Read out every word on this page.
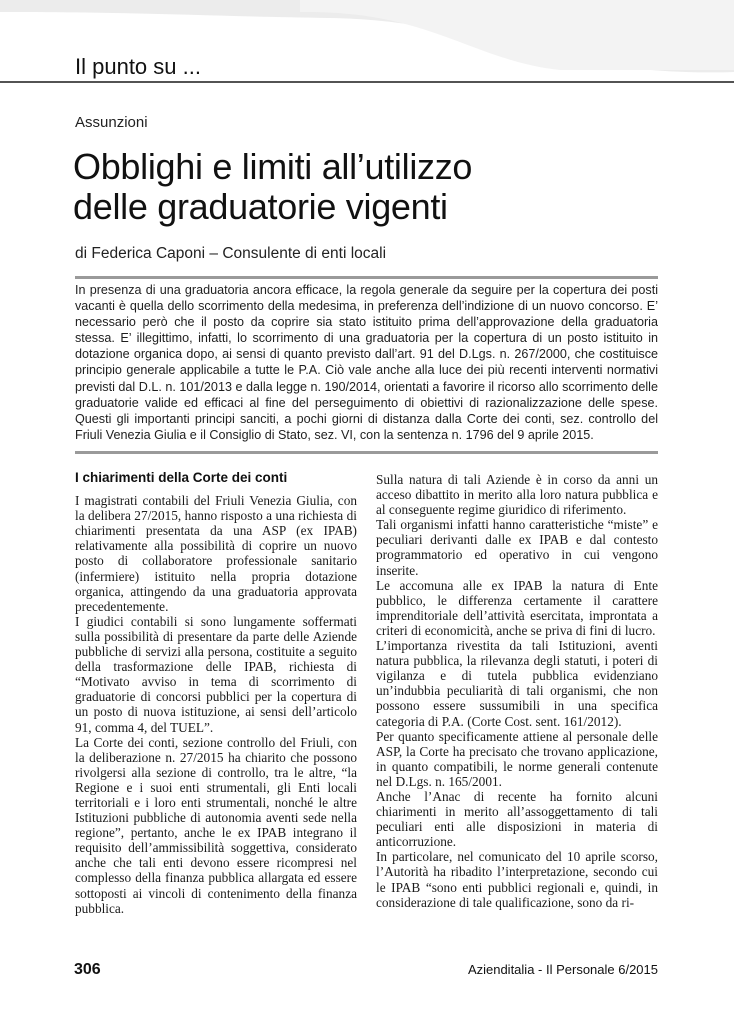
Il punto su ...
Assunzioni
Obblighi e limiti all’utilizzo
delle graduatorie vigenti
di Federica Caponi – Consulente di enti locali
In presenza di una graduatoria ancora efficace, la regola generale da seguire per la copertura dei posti vacanti è quella dello scorrimento della medesima, in preferenza dell’indizione di un nuovo concorso. E’ necessario però che il posto da coprire sia stato istituito prima dell’approvazione della graduatoria stessa. E’ illegittimo, infatti, lo scorrimento di una graduatoria per la copertura di un posto istituito in dotazione organica dopo, ai sensi di quanto previsto dall’art. 91 del D.Lgs. n. 267/2000, che costituisce principio generale applicabile a tutte le P.A. Ciò vale anche alla luce dei più recenti interventi normativi previsti dal D.L. n. 101/2013 e dalla legge n. 190/2014, orientati a favorire il ricorso allo scorrimento delle graduatorie valide ed efficaci al fine del perseguimento di obiettivi di razionalizzazione delle spese. Questi gli importanti principi sanciti, a pochi giorni di distanza dalla Corte dei conti, sez. controllo del Friuli Venezia Giulia e il Consiglio di Stato, sez. VI, con la sentenza n. 1796 del 9 aprile 2015.
I chiarimenti della Corte dei conti

I magistrati contabili del Friuli Venezia Giulia, con la delibera 27/2015, hanno risposto a una richiesta di chiarimenti presentata da una ASP (ex IPAB) relativamente alla possibilità di coprire un nuovo posto di collaboratore professionale sanitario (infermiere) istituito nella propria dotazione organica, attingendo da una graduatoria approvata precedentemente.

I giudici contabili si sono lungamente soffermati sulla possibilità di presentare da parte delle Aziende pubbliche di servizi alla persona, costituite a seguito della trasformazione delle IPAB, richiesta di “Motivato avviso in tema di scorrimento di graduatorie di concorsi pubblici per la copertura di un posto di nuova istituzione, ai sensi dell’articolo 91, comma 4, del TUEL”.

La Corte dei conti, sezione controllo del Friuli, con la deliberazione n. 27/2015 ha chiarito che possono rivolgersi alla sezione di controllo, tra le altre, “la Regione e i suoi enti strumentali, gli Enti locali territoriali e i loro enti strumentali, nonché le altre Istituzioni pubbliche di autonomia aventi sede nella regione”, pertanto, anche le ex IPAB integrano il requisito dell’ammissibilità soggettiva, considerato anche che tali enti devono essere ricompresi nel complesso della finanza pubblica allargata ed essere sottoposti ai vincoli di contenimento della finanza pubblica.

Sulla natura di tali Aziende è in corso da anni un acceso dibattito in merito alla loro natura pubblica e al conseguente regime giuridico di riferimento.

Tali organismi infatti hanno caratteristiche “miste” e peculiari derivanti dalle ex IPAB e dal contesto programmatorio ed operativo in cui vengono inserite.

Le accomuna alle ex IPAB la natura di Ente pubblico, le differenza certamente il carattere imprenditoriale dell’attività esercitata, improntata a criteri di economicità, anche se priva di fini di lucro.

L’importanza rivestita da tali Istituzioni, aventi natura pubblica, la rilevanza degli statuti, i poteri di vigilanza e di tutela pubblica evidenziano un’indubbia peculiarità di tali organismi, che non possono essere sussumibili in una specifica categoria di P.A. (Corte Cost. sent. 161/2012).

Per quanto specificamente attiene al personale delle ASP, la Corte ha precisato che trovano applicazione, in quanto compatibili, le norme generali contenute nel D.Lgs. n. 165/2001.

Anche l’Anac di recente ha fornito alcuni chiarimenti in merito all’assoggettamento di tali peculiari enti alle disposizioni in materia di anticorruzione.

In particolare, nel comunicato del 10 aprile scorso, l’Autorità ha ribadito l’interpretazione, secondo cui le IPAB “sono enti pubblici regionali e, quindi, in considerazione di tale qualificazione, sono da ri-

306	Azienditalia - Il Personale 6/2015
